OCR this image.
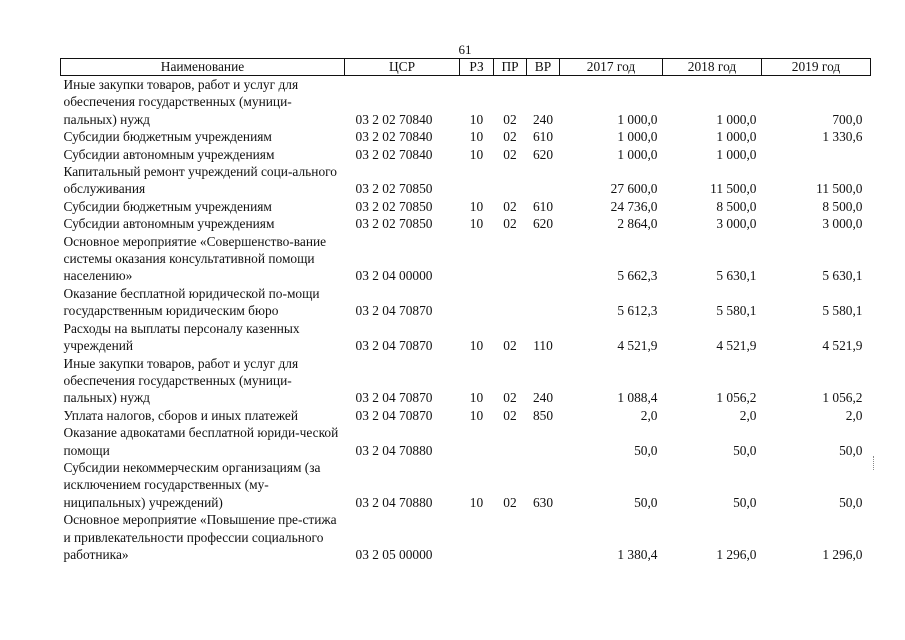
61
Наименование	ЦСР	РЗ	ПР	ВР	2017 год	2018 год	2019 год
Иные закупки товаров, работ и услуг для обеспечения государственных (муници-пальных) нужд	03 2 02 70840	10	02	240	1 000,0	1 000,0	700,0
Субсидии бюджетным учреждениям	03 2 02 70840	10	02	610	1 000,0	1 000,0	1 330,6
Субсидии автономным учреждениям	03 2 02 70840	10	02	620	1 000,0	1 000,0	
Капитальный ремонт учреждений соци-ального обслуживания	03 2 02 70850				27 600,0	11 500,0	11 500,0
Субсидии бюджетным учреждениям	03 2 02 70850	10	02	610	24 736,0	8 500,0	8 500,0
Субсидии автономным учреждениям	03 2 02 70850	10	02	620	2 864,0	3 000,0	3 000,0
Основное мероприятие «Совершенство-вание системы оказания консультативной помощи населению»	03 2 04 00000				5 662,3	5 630,1	5 630,1
Оказание бесплатной юридической по-мощи государственным юридическим бюро	03 2 04 70870				5 612,3	5 580,1	5 580,1
Расходы на выплаты персоналу казенных учреждений	03 2 04 70870	10	02	110	4 521,9	4 521,9	4 521,9
Иные закупки товаров, работ и услуг для обеспечения государственных (муници-пальных) нужд	03 2 04 70870	10	02	240	1 088,4	1 056,2	1 056,2
Уплата налогов, сборов и иных платежей	03 2 04 70870	10	02	850	2,0	2,0	2,0
Оказание адвокатами бесплатной юриди-ческой помощи	03 2 04 70880				50,0	50,0	50,0
Субсидии некоммерческим организациям (за исключением государственных (му-ниципальных) учреждений)	03 2 04 70880	10	02	630	50,0	50,0	50,0
Основное мероприятие «Повышение пре-стижа и привлекательности профессии социального работника»	03 2 05 00000				1 380,4	1 296,0	1 296,0
